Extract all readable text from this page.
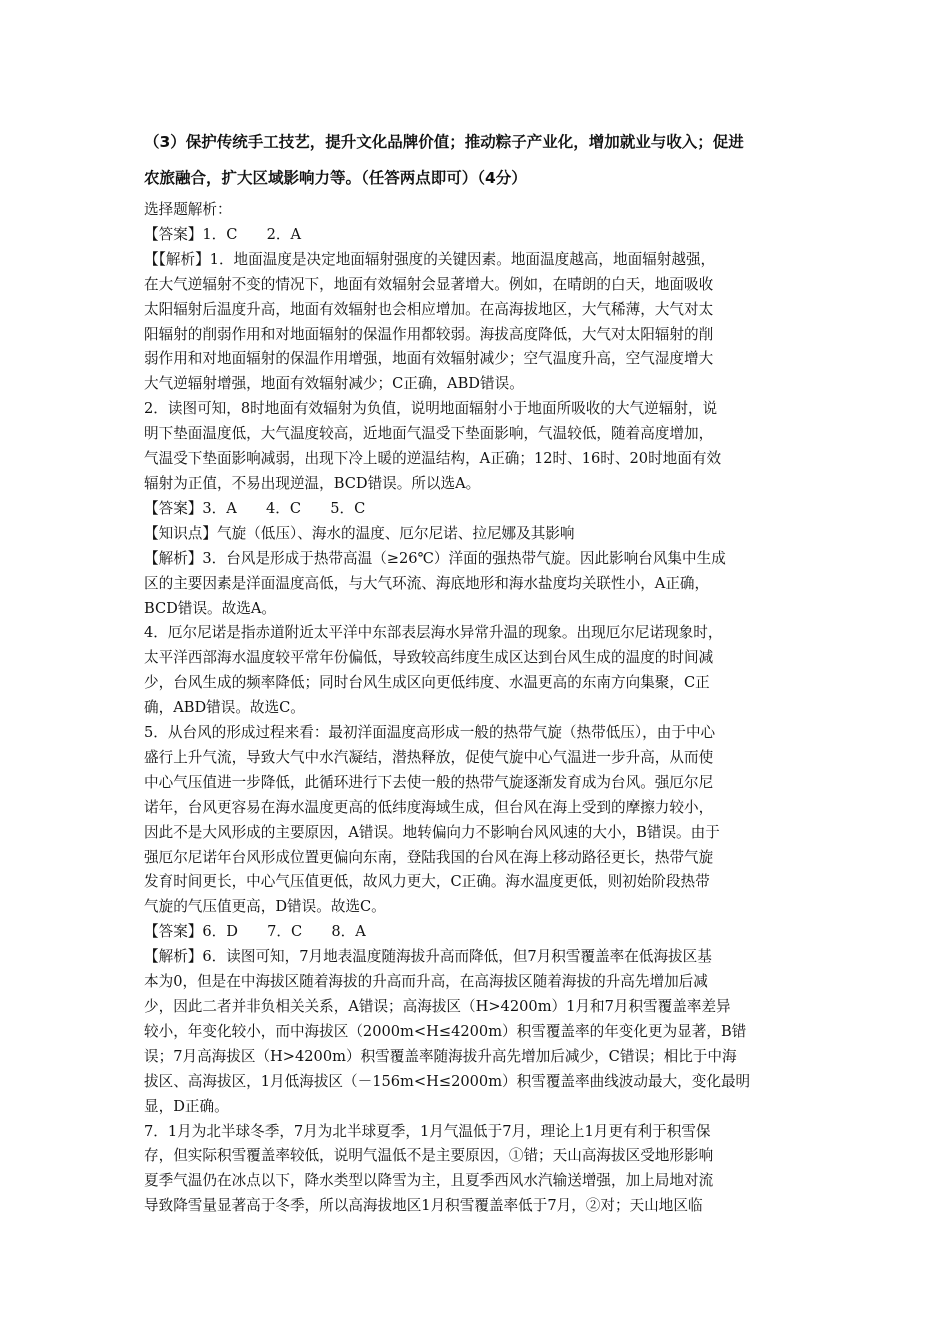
（3）保护传统手工技艺，提升文化品牌价值；推动粽子产业化，增加就业与收入；促进

农旅融合，扩大区域影响力等。（任答两点即可）（4分）

选择题解析：

【答案】1．C　　2．A

【【解析】1．地面温度是决定地面辐射强度的关键因素。地面温度越高，地面辐射越强，

在大气逆辐射不变的情况下，地面有效辐射会显著增大。例如，在晴朗的白天，地面吸收

太阳辐射后温度升高，地面有效辐射也会相应增加。在高海拔地区，大气稀薄，大气对太

阳辐射的削弱作用和对地面辐射的保温作用都较弱。海拔高度降低，大气对太阳辐射的削

弱作用和对地面辐射的保温作用增强，地面有效辐射减少；空气温度升高，空气湿度增大

大气逆辐射增强，地面有效辐射减少；C正确，ABD错误。

2．读图可知，8时地面有效辐射为负值，说明地面辐射小于地面所吸收的大气逆辐射，说

明下垫面温度低，大气温度较高，近地面气温受下垫面影响，气温较低，随着高度增加，

气温受下垫面影响减弱，出现下冷上暖的逆温结构，A正确；12时、16时、20时地面有效

辐射为正值，不易出现逆温，BCD错误。所以选A。

【答案】3．A　　4．C　　5．C

【知识点】气旋（低压）、海水的温度、厄尔尼诺、拉尼娜及其影响

【解析】3．台风是形成于热带高温（≥26℃）洋面的强热带气旋。因此影响台风集中生成

区的主要因素是洋面温度高低，与大气环流、海底地形和海水盐度均关联性小，A正确，

BCD错误。故选A。

4．厄尔尼诺是指赤道附近太平洋中东部表层海水异常升温的现象。出现厄尔尼诺现象时，

太平洋西部海水温度较平常年份偏低，导致较高纬度生成区达到台风生成的温度的时间减

少，台风生成的频率降低；同时台风生成区向更低纬度、水温更高的东南方向集聚，C正

确，ABD错误。故选C。

5．从台风的形成过程来看：最初洋面温度高形成一般的热带气旋（热带低压），由于中心

盛行上升气流，导致大气中水汽凝结，潜热释放，促使气旋中心气温进一步升高，从而使

中心气压值进一步降低，此循环进行下去使一般的热带气旋逐渐发育成为台风。强厄尔尼

诺年，台风更容易在海水温度更高的低纬度海域生成，但台风在海上受到的摩擦力较小，

因此不是大风形成的主要原因，A错误。地转偏向力不影响台风风速的大小，B错误。由于

强厄尔尼诺年台风形成位置更偏向东南，登陆我国的台风在海上移动路径更长，热带气旋

发育时间更长，中心气压值更低，故风力更大，C正确。海水温度更低，则初始阶段热带

气旋的气压值更高，D错误。故选C。

【答案】6．D　　7．C　　8．A

【解析】6．读图可知，7月地表温度随海拔升高而降低，但7月积雪覆盖率在低海拔区基

本为0，但是在中海拔区随着海拔的升高而升高，在高海拔区随着海拔的升高先增加后减

少，因此二者并非负相关关系，A错误；高海拔区（H>4200m）1月和7月积雪覆盖率差异

较小，年变化较小，而中海拔区（2000m<H≤4200m）积雪覆盖率的年变化更为显著，B错

误；7月高海拔区（H>4200m）积雪覆盖率随海拔升高先增加后减少，C错误；相比于中海

拔区、高海拔区，1月低海拔区（－156m<H≤2000m）积雪覆盖率曲线波动最大，变化最明

显，D正确。

7．1月为北半球冬季，7月为北半球夏季，1月气温低于7月，理论上1月更有利于积雪保

存，但实际积雪覆盖率较低，说明气温低不是主要原因，①错；天山高海拔区受地形影响

夏季气温仍在冰点以下，降水类型以降雪为主，且夏季西风水汽输送增强，加上局地对流

导致降雪量显著高于冬季，所以高海拔地区1月积雪覆盖率低于7月，②对；天山地区临
